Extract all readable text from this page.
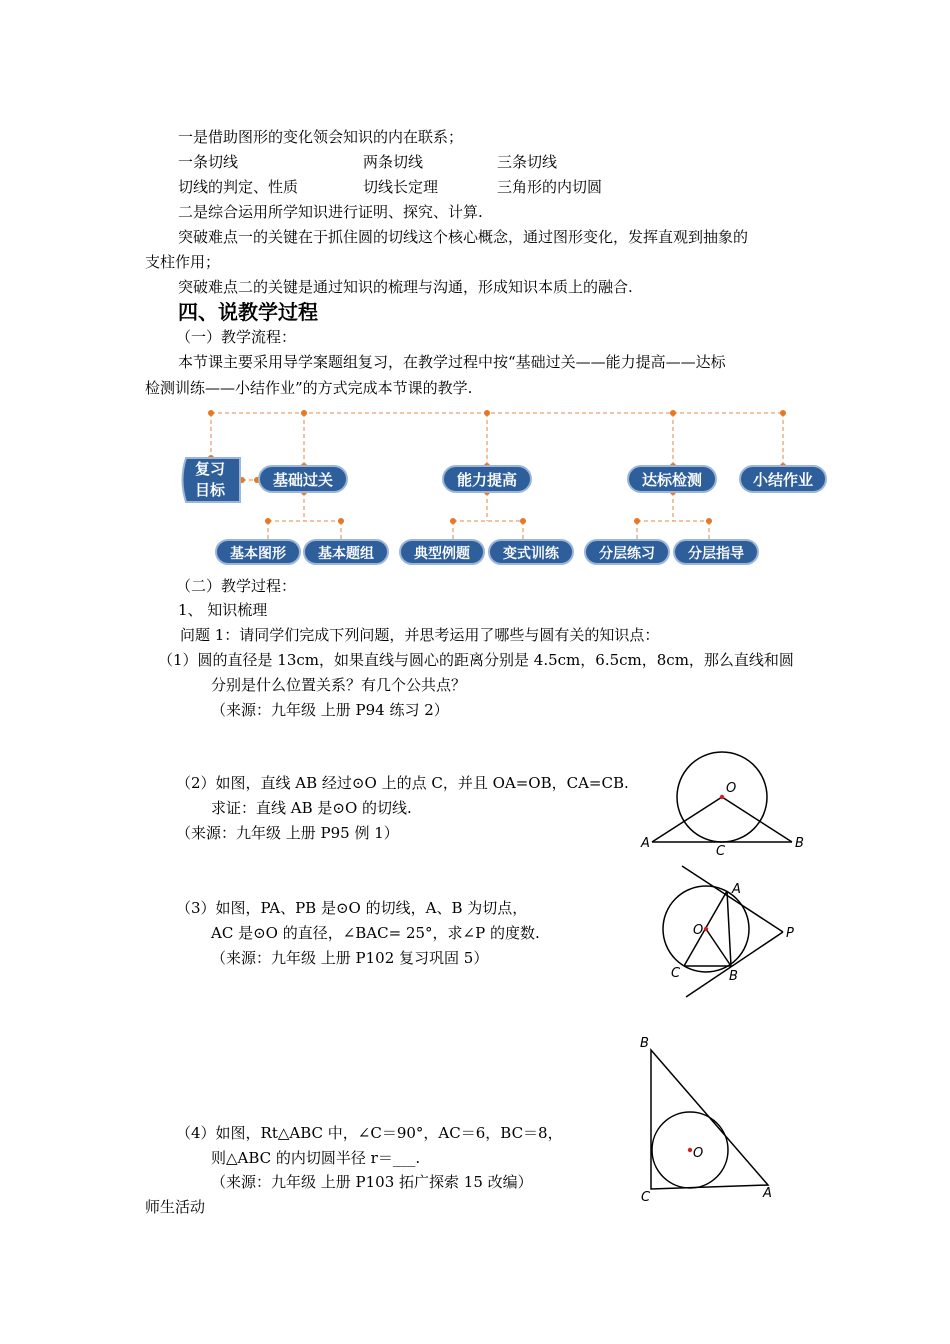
一是借助图形的变化领会知识的内在联系；
一条切线	两条切线	三条切线
切线的判定、性质	切线长定理	三角形的内切圆
二是综合运用所学知识进行证明、探究、计算.
突破难点一的关键在于抓住圆的切线这个核心概念，通过图形变化，发挥直观到抽象的
支柱作用；
突破难点二的关键是通过知识的梳理与沟通，形成知识本质上的融合.
四、说教学过程
（一）教学流程：
本节课主要采用导学案题组复习，在教学过程中按“基础过关——能力提高——达标
检测训练——小结作业”的方式完成本节课的教学.
复习
目标
基础过关	能力提高	达标检测	小结作业
基本图形 基本题组	典型例题 变式训练	分层练习 分层指导
（二）教学过程：
1、 知识梳理
问题 1：请同学们完成下列问题，并思考运用了哪些与圆有关的知识点：
（1）圆的直径是 13cm，如果直线与圆心的距离分别是 4.5cm，6.5cm，8cm，那么直线和圆
分别是什么位置关系？有几个公共点？
（来源：九年级 上册 P94 练习 2）
（2）如图，直线 AB 经过⊙O 上的点 C，并且 OA=OB，CA=CB.
求证：直线 AB 是⊙O 的切线.
（来源：九年级 上册 P95 例 1）
（3）如图，PA、PB 是⊙O 的切线，A、B 为切点，
AC 是⊙O 的直径，∠BAC= 25°，求∠P 的度数.
（来源：九年级 上册 P102 复习巩固 5）
（4）如图，Rt△ABC 中，∠C＝90°，AC＝6，BC＝8，
则△ABC 的内切圆半径 r＝___.
（来源：九年级 上册 P103 拓广探索 15 改编）
师生活动
O
A	B
C
O
A
B
C
P
B
C	A
O
